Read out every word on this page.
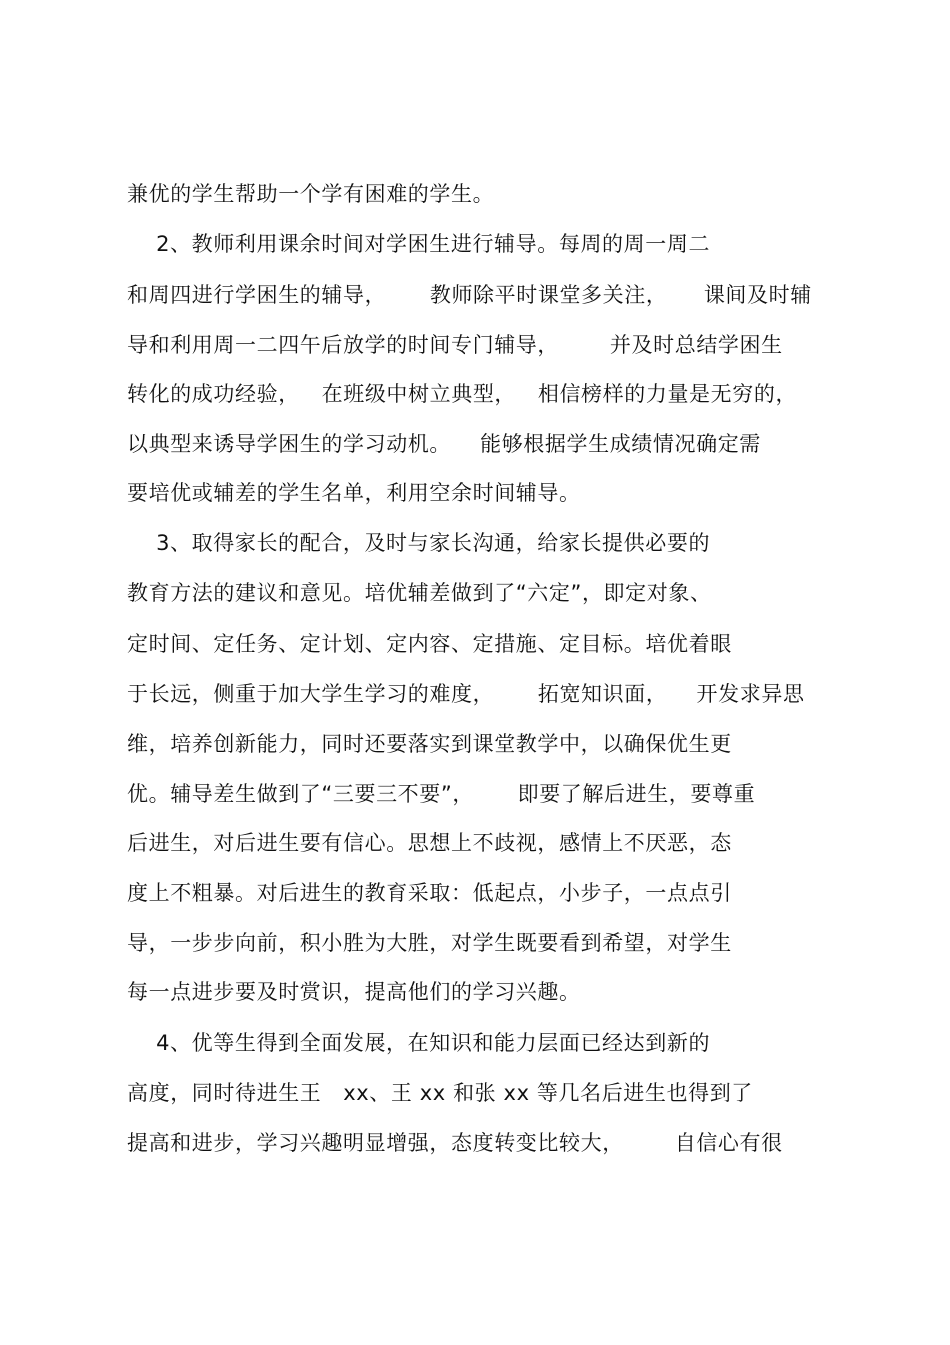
兼优的学生帮助一个学有困难的学生。
2、教师利用课余时间对学困生进行辅导。每周的周一周二
和周四进行学困生的辅导，      教师除平时课堂多关注，     课间及时辅
导和利用周一二四午后放学的时间专门辅导，       并及时总结学困生
转化的成功经验，   在班级中树立典型，   相信榜样的力量是无穷的，
以典型来诱导学困生的学习动机。    能够根据学生成绩情况确定需
要培优或辅差的学生名单，利用空余时间辅导。
3、取得家长的配合，及时与家长沟通，给家长提供必要的
教育方法的建议和意见。培优辅差做到了“六定”，即定对象、
定时间、定任务、定计划、定内容、定措施、定目标。培优着眼
于长远，侧重于加大学生学习的难度，      拓宽知识面，    开发求异思
维，培养创新能力，同时还要落实到课堂教学中，以确保优生更
优。辅导差生做到了“三要三不要”，      即要了解后进生，要尊重
后进生，对后进生要有信心。思想上不歧视，感情上不厌恶，态
度上不粗暴。对后进生的教育采取：低起点，小步子，一点点引
导，一步步向前，积小胜为大胜，对学生既要看到希望，对学生
每一点进步要及时赏识，提高他们的学习兴趣。
4、优等生得到全面发展，在知识和能力层面已经达到新的
高度，同时待进生王   xx、王 xx 和张 xx 等几名后进生也得到了
提高和进步，学习兴趣明显增强，态度转变比较大，       自信心有很
